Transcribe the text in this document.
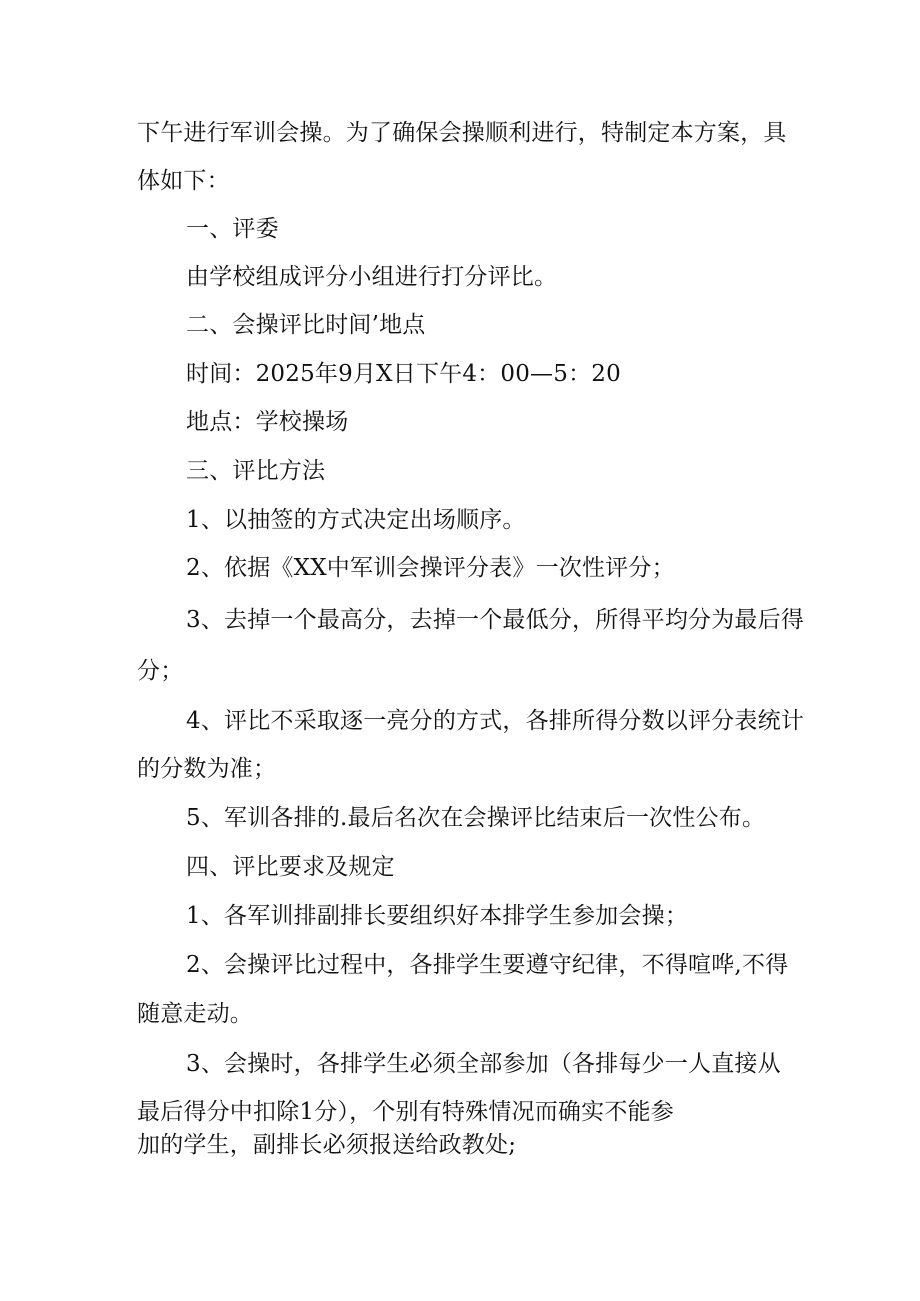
下午进行军训会操。为了确保会操顺利进行，特制定本方案，具
体如下：
一、评委
由学校组成评分小组进行打分评比。
二、会操评比时间’地点
时间：2025年9月X日下午4：00—5：20
地点：学校操场
三、评比方法
1、以抽签的方式决定出场顺序。
2、依据《XX中军训会操评分表》一次性评分；
3、去掉一个最高分，去掉一个最低分，所得平均分为最后得
分；
4、评比不采取逐一亮分的方式，各排所得分数以评分表统计
的分数为准；
5、军训各排的.最后名次在会操评比结束后一次性公布。
四、评比要求及规定
1、各军训排副排长要组织好本排学生参加会操；
2、会操评比过程中，各排学生要遵守纪律，不得喧哗,不得
随意走动。
3、会操时，各排学生必须全部参加（各排每少一人直接从
最后得分中扣除1分），个别有特殊情况而确实不能参
加的学生，副排长必须报送给政教处;
